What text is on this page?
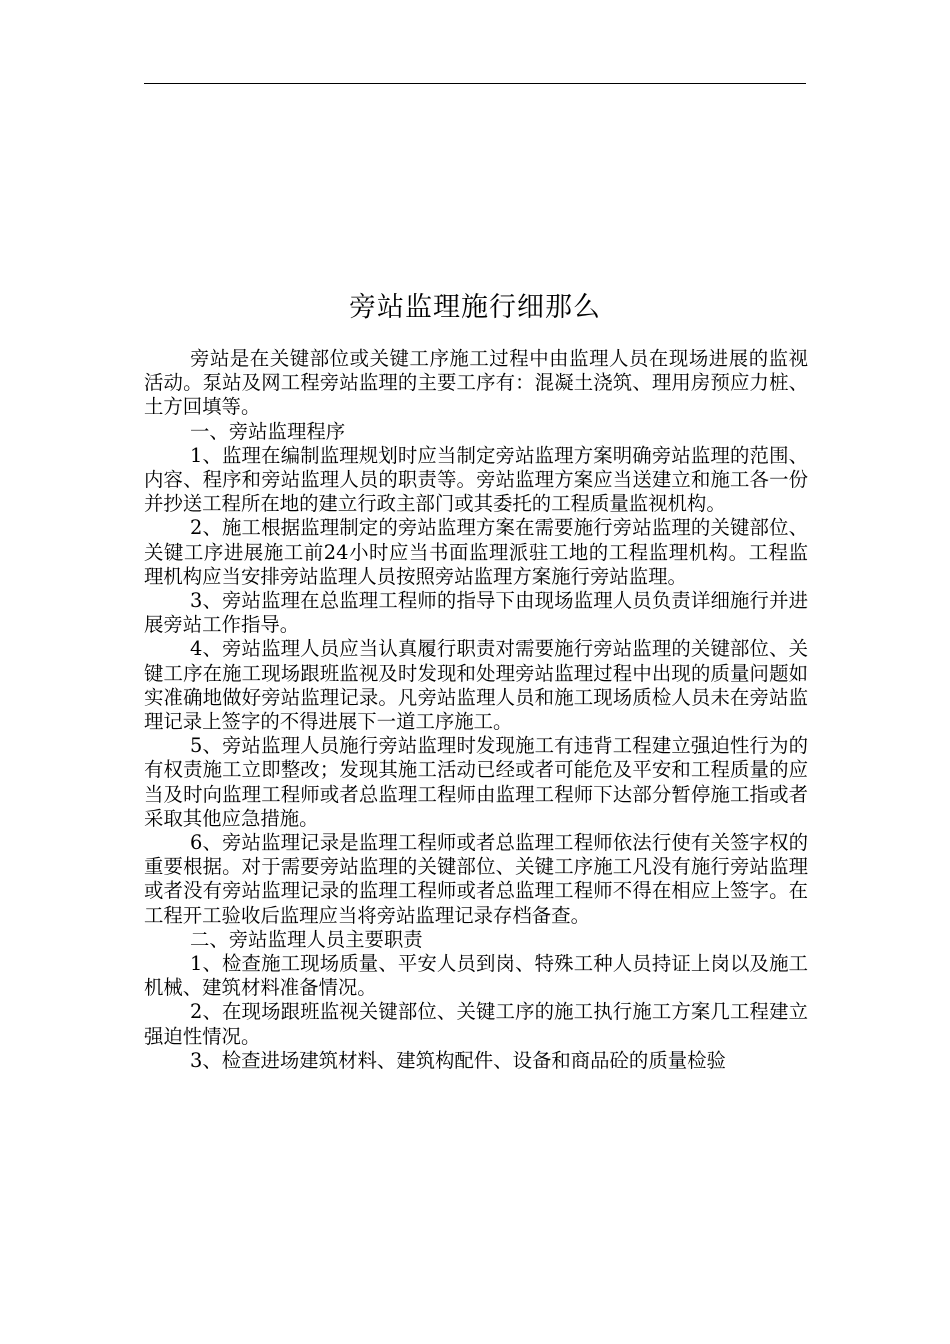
旁站监理施行细那么

旁站是在关键部位或关键工序施工过程中由监理人员在现场进展的监视活动。泵站及网工程旁站监理的主要工序有：混凝土浇筑、理用房预应力桩、土方回填等。

一、旁站监理程序

1、监理在编制监理规划时应当制定旁站监理方案明确旁站监理的范围、内容、程序和旁站监理人员的职责等。旁站监理方案应当送建立和施工各一份并抄送工程所在地的建立行政主部门或其委托的工程质量监视机构。

2、施工根据监理制定的旁站监理方案在需要施行旁站监理的关键部位、关键工序进展施工前24小时应当书面监理派驻工地的工程监理机构。工程监理机构应当安排旁站监理人员按照旁站监理方案施行旁站监理。

3、旁站监理在总监理工程师的指导下由现场监理人员负责详细施行并进展旁站工作指导。

4、旁站监理人员应当认真履行职责对需要施行旁站监理的关键部位、关键工序在施工现场跟班监视及时发现和处理旁站监理过程中出现的质量问题如实准确地做好旁站监理记录。凡旁站监理人员和施工现场质检人员未在旁站监理记录上签字的不得进展下一道工序施工。

5、旁站监理人员施行旁站监理时发现施工有违背工程建立强迫性行为的有权责施工立即整改；发现其施工活动已经或者可能危及平安和工程质量的应当及时向监理工程师或者总监理工程师由监理工程师下达部分暂停施工指或者采取其他应急措施。

6、旁站监理记录是监理工程师或者总监理工程师依法行使有关签字权的重要根据。对于需要旁站监理的关键部位、关键工序施工凡没有施行旁站监理或者没有旁站监理记录的监理工程师或者总监理工程师不得在相应上签字。在工程开工验收后监理应当将旁站监理记录存档备查。

二、旁站监理人员主要职责

1、检查施工现场质量、平安人员到岗、特殊工种人员持证上岗以及施工机械、建筑材料准备情况。

2、在现场跟班监视关键部位、关键工序的施工执行施工方案几工程建立强迫性情况。

3、检查进场建筑材料、建筑构配件、设备和商品砼的质量检验
